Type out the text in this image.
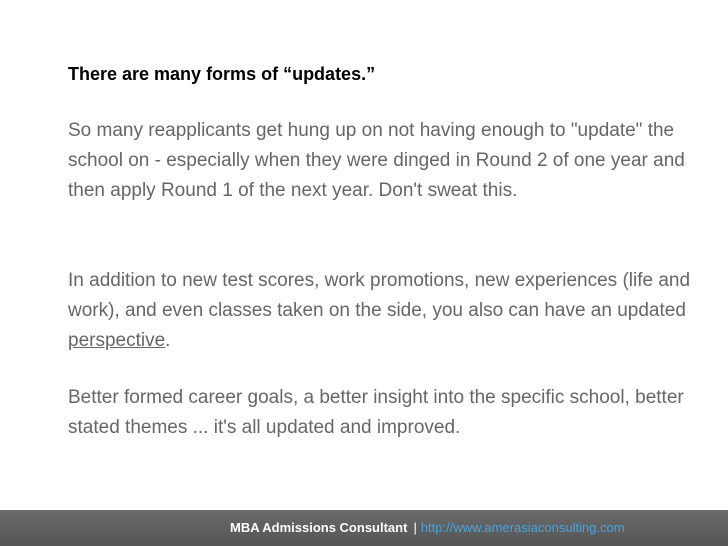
There are many forms of “updates.”

So many reapplicants get hung up on not having enough to "update" the school on - especially when they were dinged in Round 2 of one year and then apply Round 1 of the next year. Don't sweat this.

In addition to new test scores, work promotions, new experiences (life and work), and even classes taken on the side, you also can have an updated perspective.

Better formed career goals, a better insight into the specific school, better stated themes ... it's all updated and improved.

MBA Admissions Consultant | http://www.amerasiaconsulting.com
